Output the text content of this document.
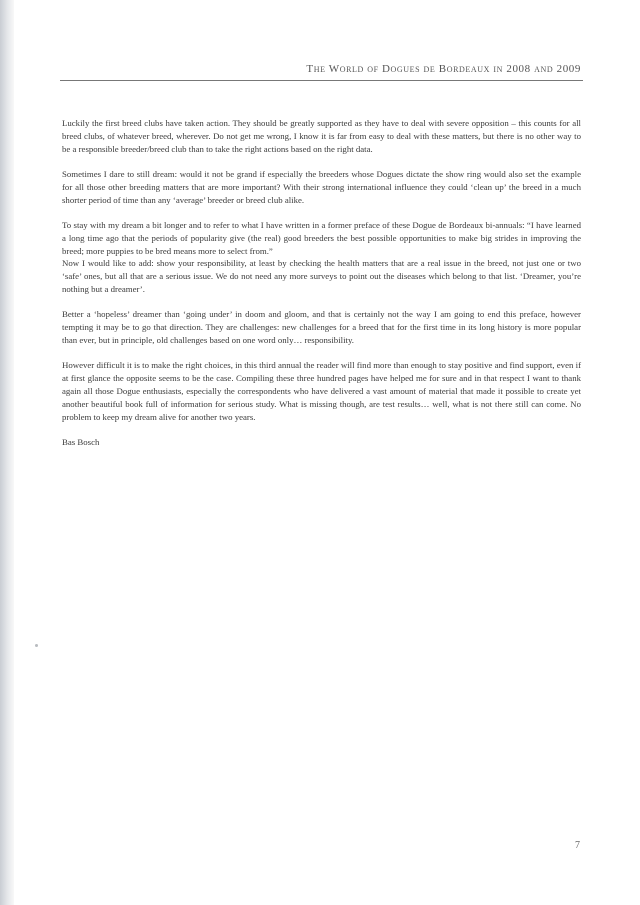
The World of Dogues de Bordeaux in 2008 and 2009

Luckily the first breed clubs have taken action. They should be greatly supported as they have to deal with severe opposition – this counts for all breed clubs, of whatever breed, wherever. Do not get me wrong, I know it is far from easy to deal with these matters, but there is no other way to be a responsible breeder/breed club than to take the right actions based on the right data.

Sometimes I dare to still dream: would it not be grand if especially the breeders whose Dogues dictate the show ring would also set the example for all those other breeding matters that are more important? With their strong international influence they could ‘clean up’ the breed in a much shorter period of time than any ‘average’ breeder or breed club alike.

To stay with my dream a bit longer and to refer to what I have written in a former preface of these Dogue de Bordeaux bi-annuals: “I have learned a long time ago that the periods of popularity give (the real) good breeders the best possible opportunities to make big strides in improving the breed; more puppies to be bred means more to select from.”

Now I would like to add: show your responsibility, at least by checking the health matters that are a real issue in the breed, not just one or two ‘safe’ ones, but all that are a serious issue. We do not need any more surveys to point out the diseases which belong to that list. ‘Dreamer, you’re nothing but a dreamer’.

Better a ‘hopeless’ dreamer than ‘going under’ in doom and gloom, and that is certainly not the way I am going to end this preface, however tempting it may be to go that direction. They are challenges: new challenges for a breed that for the first time in its long history is more popular than ever, but in principle, old challenges based on one word only… responsibility.

However difficult it is to make the right choices, in this third annual the reader will find more than enough to stay positive and find support, even if at first glance the opposite seems to be the case. Compiling these three hundred pages have helped me for sure and in that respect I want to thank again all those Dogue enthusiasts, especially the correspondents who have delivered a vast amount of material that made it possible to create yet another beautiful book full of information for serious study. What is missing though, are test results… well, what is not there still can come. No problem to keep my dream alive for another two years.

Bas Bosch

7
